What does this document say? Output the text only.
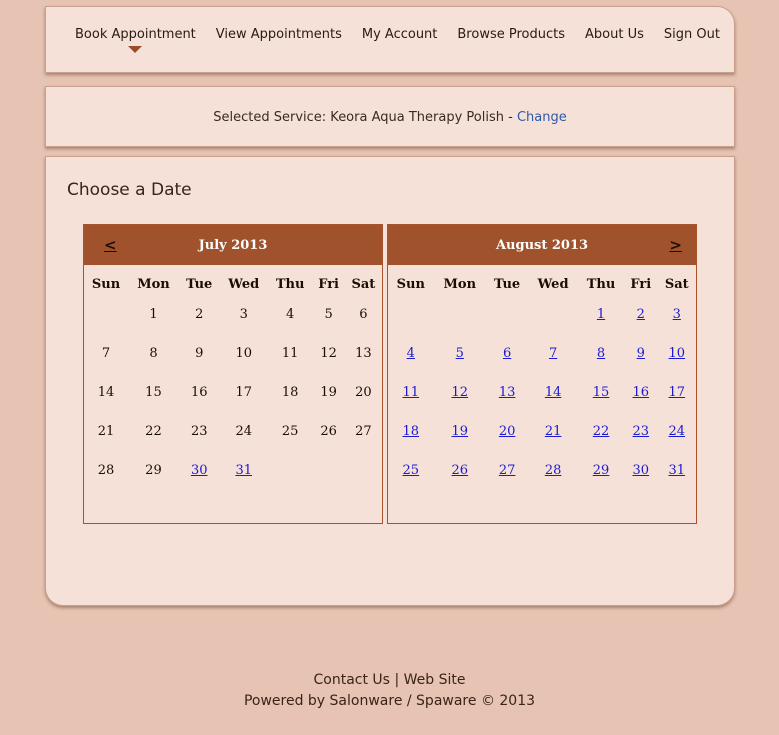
Book Appointment View Appointments My Account Browse Products About Us Sign Out
Selected Service: Keora Aqua Therapy Polish - Change
Choose a Date
<	July 2013
Sun	Mon	Tue	Wed	Thu	Fri	Sat
	1	2	3	4	5	6
7	8	9	10	11	12	13
14	15	16	17	18	19	20
21	22	23	24	25	26	27
28	29	30	31			
August 2013	>
Sun	Mon	Tue	Wed	Thu	Fri	Sat
				1	2	3
4	5	6	7	8	9	10
11	12	13	14	15	16	17
18	19	20	21	22	23	24
25	26	27	28	29	30	31
Contact Us | Web Site
Powered by Salonware / Spaware © 2013
